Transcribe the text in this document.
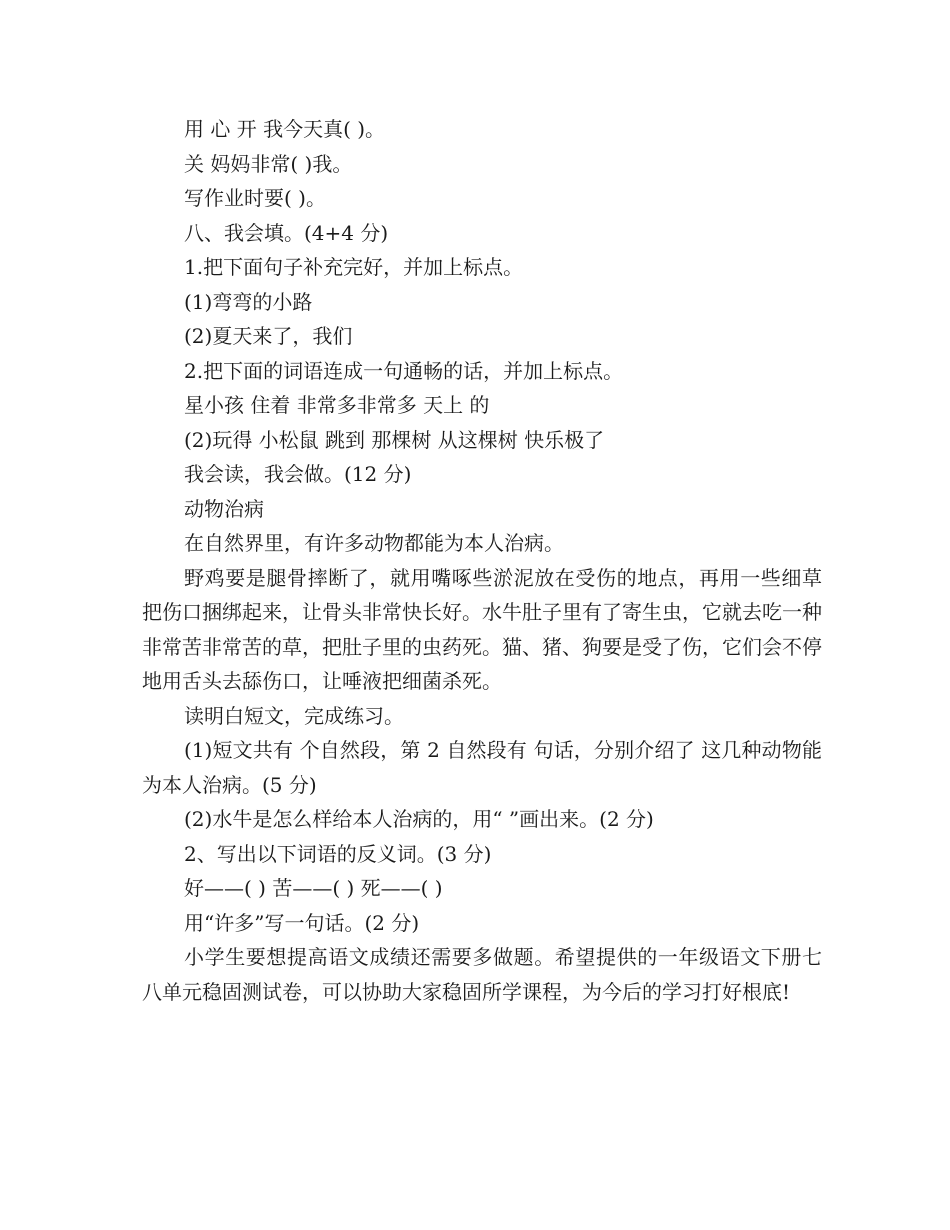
用 心 开 我今天真( )。

关 妈妈非常( )我。

写作业时要( )。

八、我会填。(4+4 分)

1.把下面句子补充完好，并加上标点。

(1)弯弯的小路

(2)夏天来了，我们

2.把下面的词语连成一句通畅的话，并加上标点。

星小孩 住着 非常多非常多 天上 的

(2)玩得 小松鼠 跳到 那棵树 从这棵树 快乐极了

我会读，我会做。(12 分)

动物治病

在自然界里，有许多动物都能为本人治病。

野鸡要是腿骨摔断了，就用嘴啄些淤泥放在受伤的地点，再用一些细草把伤口捆绑起来，让骨头非常快长好。水牛肚子里有了寄生虫，它就去吃一种非常苦非常苦的草，把肚子里的虫药死。猫、猪、狗要是受了伤，它们会不停地用舌头去舔伤口，让唾液把细菌杀死。

读明白短文，完成练习。

(1)短文共有 个自然段，第 2 自然段有 句话，分别介绍了 这几种动物能为本人治病。(5 分)

(2)水牛是怎么样给本人治病的，用“ ”画出来。(2 分)

2、写出以下词语的反义词。(3 分)

好——( ) 苦——( ) 死——( )

用“许多”写一句话。(2 分)

小学生要想提高语文成绩还需要多做题。希望提供的一年级语文下册七八单元稳固测试卷，可以协助大家稳固所学课程，为今后的学习打好根底!
